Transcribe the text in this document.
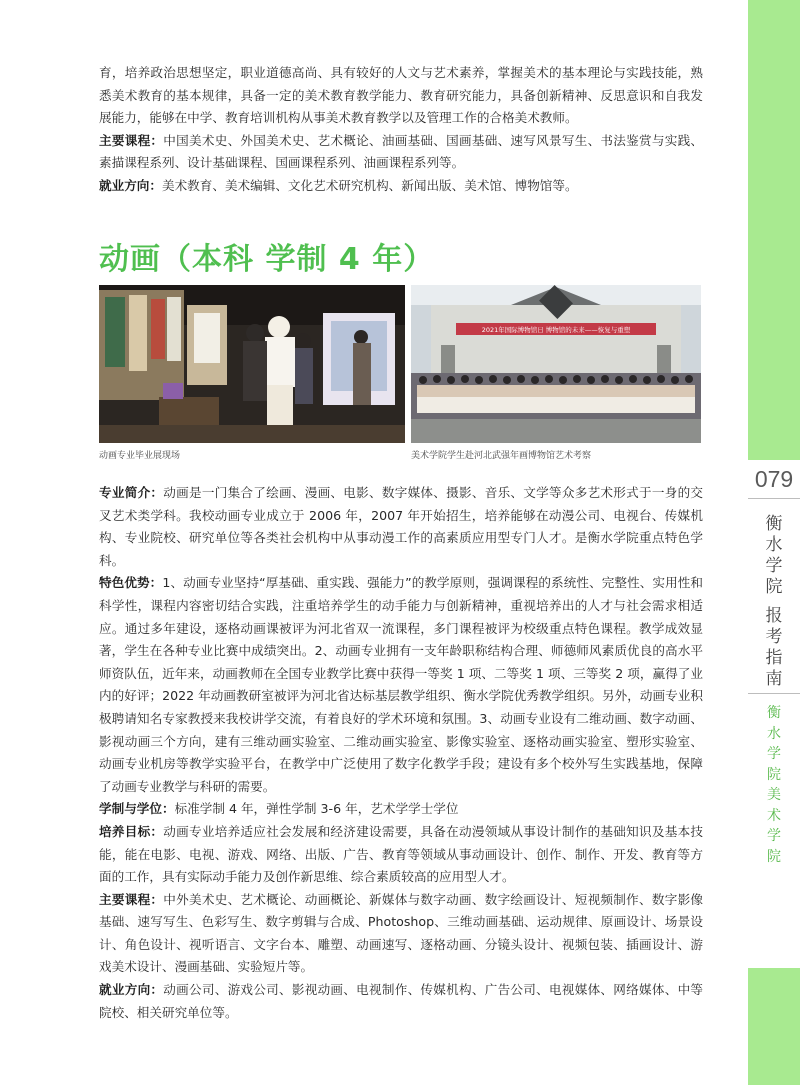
育，培养政治思想坚定，职业道德高尚、具有较好的人文与艺术素养，掌握美术的基本理论与实践技能，熟悉美术教育的基本规律，具备一定的美术教育教学能力、教育研究能力，具备创新精神、反思意识和自我发展能力，能够在中学、教育培训机构从事美术教育教学以及管理工作的合格美术教师。

主要课程：中国美术史、外国美术史、艺术概论、油画基础、国画基础、速写风景写生、书法鉴赏与实践、素描课程系列、设计基础课程、国画课程系列、油画课程系列等。

就业方向：美术教育、美术编辑、文化艺术研究机构、新闻出版、美术馆、博物馆等。

动画（本科 学制 4 年）
动画专业毕业展现场
2021年国际博物馆日 博物馆的未来——恢复与重塑
美术学院学生赴河北武强年画博物馆艺术考察

专业简介：动画是一门集合了绘画、漫画、电影、数字媒体、摄影、音乐、文学等众多艺术形式于一身的交叉艺术类学科。我校动画专业成立于 2006 年，2007 年开始招生，培养能够在动漫公司、电视台、传媒机构、专业院校、研究单位等各类社会机构中从事动漫工作的高素质应用型专门人才。是衡水学院重点特色学科。

特色优势：1、动画专业坚持“厚基础、重实践、强能力”的教学原则，强调课程的系统性、完整性、实用性和科学性，课程内容密切结合实践，注重培养学生的动手能力与创新精神，重视培养出的人才与社会需求相适应。通过多年建设，逐格动画课被评为河北省双一流课程，多门课程被评为校级重点特色课程。教学成效显著，学生在各种专业比赛中成绩突出。2、动画专业拥有一支年龄职称结构合理、师德师风素质优良的高水平师资队伍，近年来，动画教师在全国专业教学比赛中获得一等奖 1 项、二等奖 1 项、三等奖 2 项，赢得了业内的好评；2022 年动画教研室被评为河北省达标基层教学组织、衡水学院优秀教学组织。另外，动画专业积极聘请知名专家教授来我校讲学交流，有着良好的学术环境和氛围。3、动画专业设有二维动画、数字动画、影视动画三个方向，建有三维动画实验室、二维动画实验室、影像实验室、逐格动画实验室、塑形实验室、动画专业机房等教学实验平台，在教学中广泛使用了数字化教学手段；建设有多个校外写生实践基地，保障了动画专业教学与科研的需要。

学制与学位：标准学制 4 年，弹性学制 3-6 年，艺术学学士学位

培养目标：动画专业培养适应社会发展和经济建设需要，具备在动漫领域从事设计制作的基础知识及基本技能，能在电影、电视、游戏、网络、出版、广告、教育等领域从事动画设计、创作、制作、开发、教育等方面的工作，具有实际动手能力及创作新思维、综合素质较高的应用型人才。

主要课程：中外美术史、艺术概论、动画概论、新媒体与数字动画、数字绘画设计、短视频制作、数字影像基础、速写写生、色彩写生、数字剪辑与合成、Photoshop、三维动画基础、运动规律、原画设计、场景设计、角色设计、视听语言、文字台本、雕塑、动画速写、逐格动画、分镜头设计、视频包装、插画设计、游戏美术设计、漫画基础、实验短片等。

就业方向：动画公司、游戏公司、影视动画、电视制作、传媒机构、广告公司、电视媒体、网络媒体、中等院校、相关研究单位等。

079
衡
水
学
院
报
考
指
南
衡
水
学
院
美
术
学
院
